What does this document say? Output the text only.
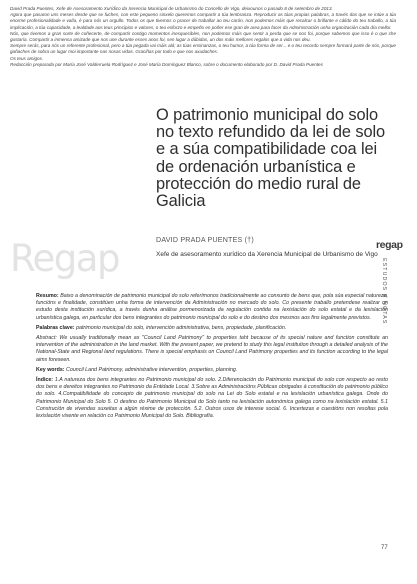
David Prada Puentes, Xefe de Asesoramento Xurídico da Xerencia Municipal de Urbanismo do Concello de Vigo, deixounos o pasado 8 de setembro de 2013.

Agora que pasaron uns meses desde que se fuches, con este pequeno sinxelo queremos compartir a túa lembranza. Reproducir as túas propias palabras, a través das que se intúe a túa enorme profesionalidade e valía, é para nós un orgullo. Todos os que tivemos o pracer de traballar ao teu carón, non podemos máis que recalcar o brillante e cálido do teu traballo, a túa implicación, a túa capacidade, a lealdade aos teus principios e valores, o teu esforzo e empeño en poñer ese gran de area para facer da Administración unha organización cada día mellor.

Nós, que tivemos a gran sorte de coñecerte, de compartir contigo momentos inesquecibles, non podemos máis que sentir a perda que se nos foi, porque sabemos que isso é o que che gustaría. Compartir a inmensa amizade que nos une durante esses anos foi, sen lugar a dúbidas, un dos máis mellores regalos que a vida nos deu.

Sempre serás, para nós un referente profesional, pero a túa pegada vai máis alá; as túas ensinanzas, o teu humor, a túa forma de ser... e o teu recordo sempre formará parte de nós, porque gañaches de sobra un lugar moi importante nas nosas vidas. Graciñas por todo e que nos axudaches.

Os teus amigos.

Redacción preparada por María José Valderruela Rodríguez e José María Domínguez Blanco, sobre o documento elaborado por D. David Prada Puentes

O patrimonio municipal do solo no texto refundido da lei de solo e a súa compatibilidade coa lei de ordenación urbanística e protección do medio rural de Galicia
Regap	DAVID PRADA PUENTES (†)
Xefe de asesoramento xurídico da Xerencia Municipal de Urbanismo de Vigo
regap
ESTUDOS E NOTAS

Resumo: Baixo a denominación de patrimonio municipal do solo referímonos tradicionalmente ao conxunto de bens que, pola súa especial natureza, funcións e finalidade, constitúen unha forma de intervención da Administración no mercado do solo. Co presente traballo pretendese realizar un estudo desta institución xurídica, a través dunha análise pormenorizada da regulación contida na lexislación do solo estatal e da lexislación urbanística galega, en particular dos bens integrantes do patrimonio municipal do solo e do destino dos mesmos aos fins legalmente previstos.

Palabras clave: patrimonio municipal do solo, intervención administrativa, bens, propiedade, planificación.

Abstract: We usually traditionally mean as "Council Land Patrimony" to properties taht because of its special nature and function constitute an intervention of the administration in the land market. With the present paper, we pretend to study this legal institution through a detailed analysis of the National-State and Regional land regulations. There is special emphasis on Council Land Patrimony properties and its function according to the legal aims foreseen.

Key words: Council Land Patrimony, administrative intervention, properties, planning.

Índice: 1.A natureza dos bens integrantes no Patrimonio municipal do solo. 2.Diferenciación do Patrimonio municipal do solo con respecto ao resto dos bens e dereitos integrantes no Patrimonio da Entidade Local. 3.Sobre as Administracións Públicas obrigadas á constitución do patrimonio público do solo. 4.Compatibilidade do concepto de patrimonio municipal do solo na Lei do Solo estatal e na lexislación urbanística galega. Onde do Patrimonio Municipal do Solo 5. O destino do Patrimonio Municipal do Solo tanto na lexislación autonómica galega como na lexislación estatal. 5.1 Construción de vivendas suxeitas a algún réxime de protección. 5.2. Outros usos de interese social. 6. Incertezas e cuestións non resoltas pola lexislación vixente en relación co Patrimonio Municipal do Solo. Bibliografía.

77
